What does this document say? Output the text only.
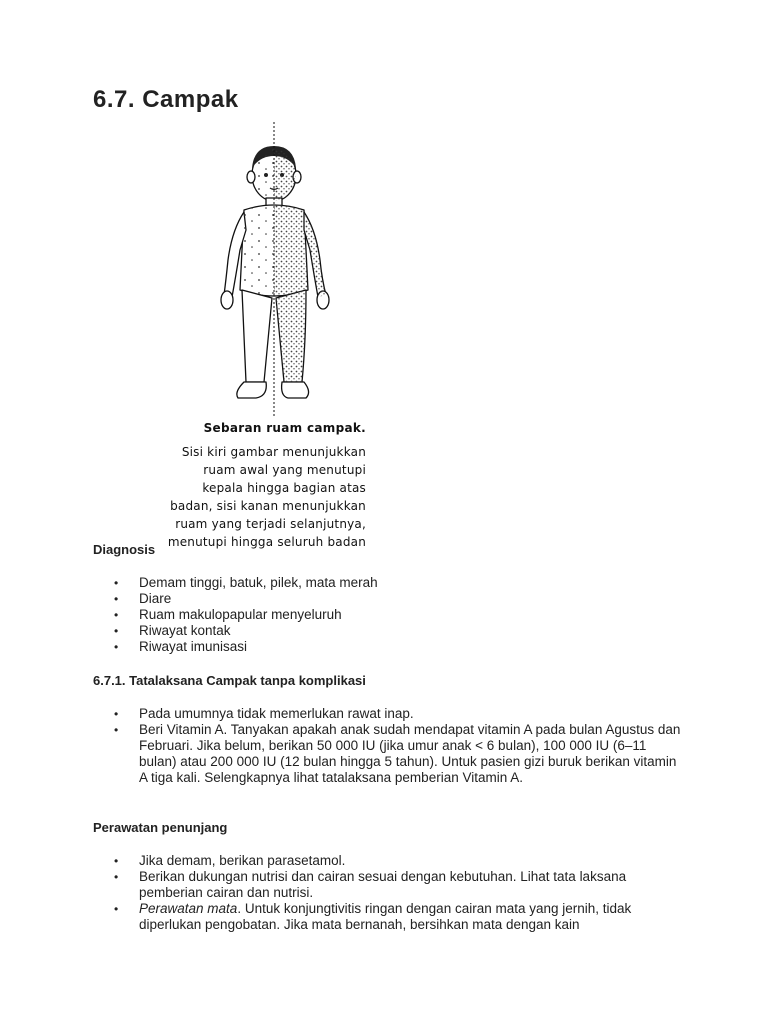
6.7. Campak
Sebaran ruam campak.
Sisi kiri gambar menunjukkan
ruam awal yang menutupi
kepala hingga bagian atas
badan, sisi kanan menunjukkan
ruam yang terjadi selanjutnya,
menutupi hingga seluruh badan
Diagnosis
• Demam tinggi, batuk, pilek, mata merah
• Diare
• Ruam makulopapular menyeluruh
• Riwayat kontak
• Riwayat imunisasi
6.7.1. Tatalaksana Campak tanpa komplikasi
• Pada umumnya tidak memerlukan rawat inap.
• Beri Vitamin A. Tanyakan apakah anak sudah mendapat vitamin A pada bulan Agustus dan Februari. Jika belum, berikan 50 000 IU (jika umur anak < 6 bulan), 100 000 IU (6–11 bulan) atau 200 000 IU (12 bulan hingga 5 tahun). Untuk pasien gizi buruk berikan vitamin A tiga kali. Selengkapnya lihat tatalaksana pemberian Vitamin A.
Perawatan penunjang
• Jika demam, berikan parasetamol.
• Berikan dukungan nutrisi dan cairan sesuai dengan kebutuhan. Lihat tata laksana pemberian cairan dan nutrisi.
• Perawatan mata. Untuk konjungtivitis ringan dengan cairan mata yang jernih, tidak diperlukan pengobatan. Jika mata bernanah, bersihkan mata dengan kain
